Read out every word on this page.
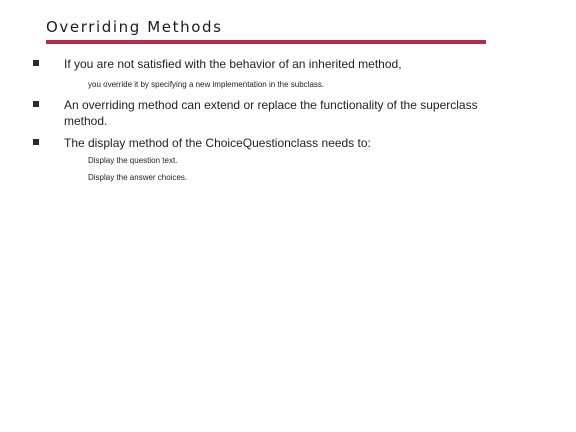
Overriding Methods
If you are not satisfied with the behavior of an inherited method,
you override it by specifying a new implementation in the subclass.
An overriding method can extend or replace the functionality of the superclass method.
The display method of the ChoiceQuestionclass needs to:
Display the question text.
Display the answer choices.
